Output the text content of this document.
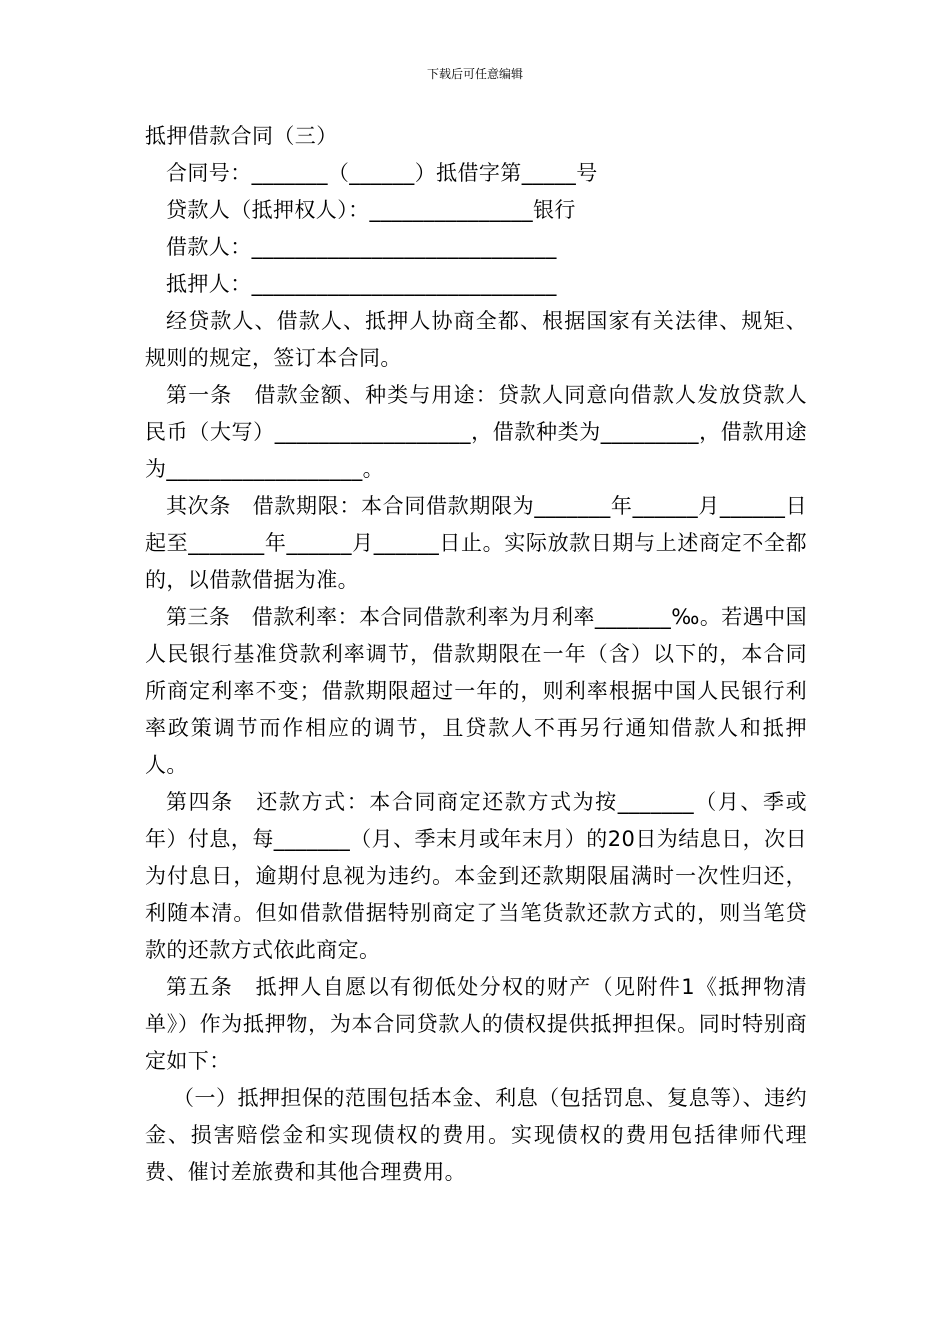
下载后可任意编辑

抵押借款合同（三）

合同号：_______（______）抵借字第_____号

贷款人（抵押权人）：_______________银行

借款人：____________________________

抵押人：____________________________

经贷款人、借款人、抵押人协商全都、根据国家有关法律、规矩、规则的规定，签订本合同。

第一条　借款金额、种类与用途：贷款人同意向借款人发放贷款人民币（大写）__________________，借款种类为_________，借款用途为__________________。

其次条　借款期限：本合同借款期限为_______年______月______日起至_______年______月______日止。实际放款日期与上述商定不全都的，以借款借据为准。

第三条　借款利率：本合同借款利率为月利率_______‰。若遇中国人民银行基准贷款利率调节，借款期限在一年（含）以下的，本合同所商定利率不变；借款期限超过一年的，则利率根据中国人民银行利率政策调节而作相应的调节，且贷款人不再另行通知借款人和抵押人。

第四条　还款方式：本合同商定还款方式为按_______（月、季或年）付息，每_______（月、季末月或年末月）的20日为结息日，次日为付息日，逾期付息视为违约。本金到还款期限届满时一次性归还，利随本清。但如借款借据特别商定了当笔货款还款方式的，则当笔贷款的还款方式依此商定。

第五条　抵押人自愿以有彻低处分权的财产（见附件1《抵押物清单》）作为抵押物，为本合同贷款人的债权提供抵押担保。同时特别商定如下：

（一）抵押担保的范围包括本金、利息（包括罚息、复息等）、违约金、损害赔偿金和实现债权的费用。实现债权的费用包括律师代理费、催讨差旅费和其他合理费用。
